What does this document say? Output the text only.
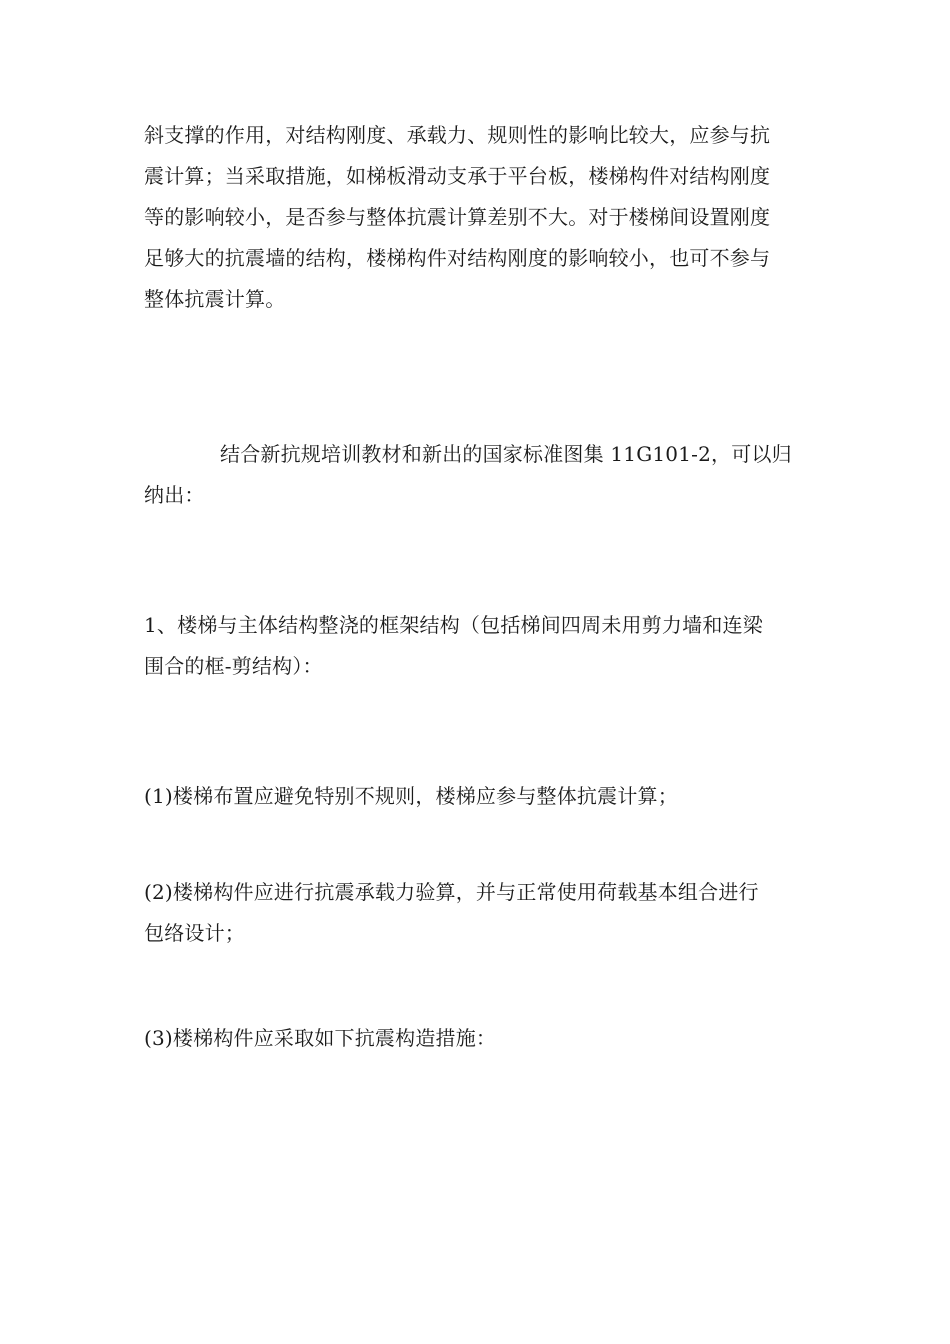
斜支撑的作用，对结构刚度、承载力、规则性的影响比较大，应参与抗
震计算；当采取措施，如梯板滑动支承于平台板，楼梯构件对结构刚度
等的影响较小，是否参与整体抗震计算差别不大。对于楼梯间设置刚度
足够大的抗震墙的结构，楼梯构件对结构刚度的影响较小，也可不参与
整体抗震计算。

结合新抗规培训教材和新出的国家标准图集 11G101-2，可以归
纳出：

1、楼梯与主体结构整浇的框架结构（包括梯间四周未用剪力墙和连梁
围合的框-剪结构）：

(1)楼梯布置应避免特别不规则，楼梯应参与整体抗震计算；

(2)楼梯构件应进行抗震承载力验算，并与正常使用荷载基本组合进行
包络设计；

(3)楼梯构件应采取如下抗震构造措施：
